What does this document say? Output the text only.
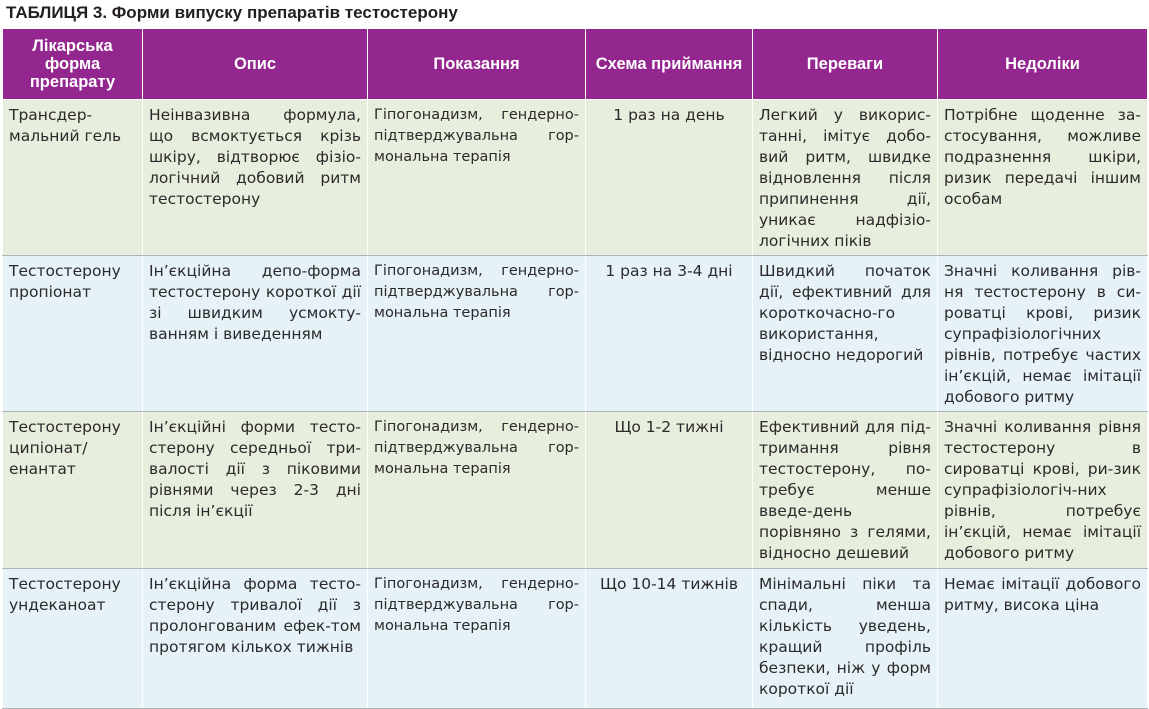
ТАБЛИЦЯ 3. Форми випуску препаратів тестостерону
Лікарська форма препарату	Опис	Показання	Схема приймання	Переваги	Недоліки

Трансдер-мальний гель	Неінвазивна формула, що всмоктується крізь шкіру, відтворює фізіо-логічний добовий ритм тестостерону	Гіпогонадизм, гендерно-підтверджувальна гор-мональна терапія	1 раз на день	Легкий у викорис-танні, імітує добо-вий ритм, швидке відновлення після припинення дії, уникає надфізіо-логічних піків	Потрібне щоденне за-стосування, можливе подразнення шкіри, ризик передачі іншим особам

Тестостерону пропіонат	Ін’єкційна депо-форма тестостерону короткої дії зі швидким усмокту-ванням і виведенням	Гіпогонадизм, гендерно-підтверджувальна гор-мональна терапія	1 раз на 3-4 дні	Швидкий початок дії, ефективний для короткочасно-го використання, відносно недорогий	Значні коливання рів-ня тестостерону в си-роватці крові, ризик супрафізіологічних рівнів, потребує частих ін’єкцій, немає імітації добового ритму

Тестостерону ципіонат/ енантат	Ін’єкційні форми тесто-стерону середньої три-валості дії з піковими рівнями через 2-3 дні після ін’єкції	Гіпогонадизм, гендерно-підтверджувальна гор-мональна терапія	Що 1-2 тижні	Ефективний для під-тримання рівня тестостерону, по-требує менше введе-день порівняно з гелями, відносно дешевий	Значні коливання рівня тестостерону в сироватці крові, ри-зик супрафізіологіч-них рівнів, потребує ін’єкцій, немає імітації добового ритму

Тестостерону ундеканоат	Ін’єкційна форма тесто-стерону тривалої дії з пролонгованим ефек-том протягом кількох тижнів	Гіпогонадизм, гендерно-підтверджувальна гор-мональна терапія	Що 10-14 тижнів	Мінімальні піки та спади, менша кількість уведень, кращий профіль безпеки, ніж у форм короткої дії	Немає імітації добового ритму, висока ціна
